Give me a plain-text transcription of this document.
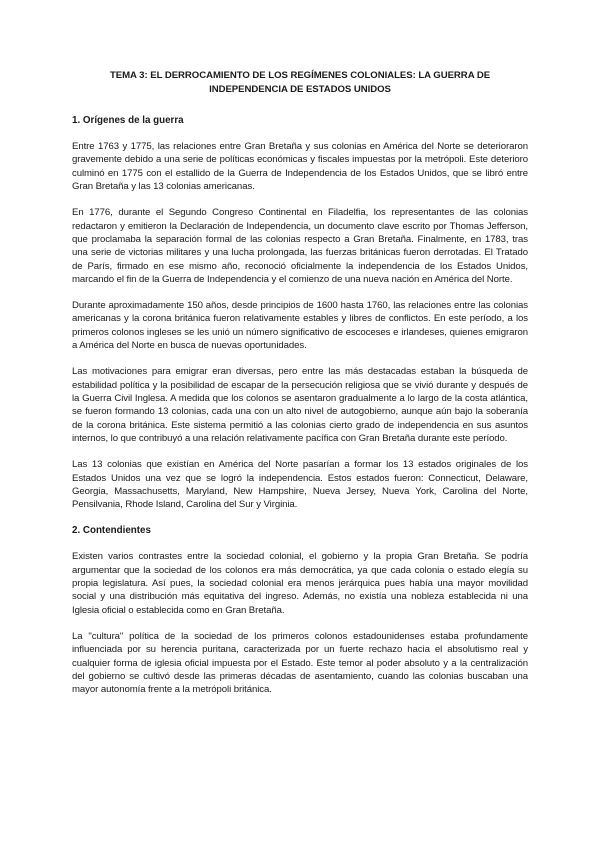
TEMA 3: EL DERROCAMIENTO DE LOS REGÍMENES COLONIALES: LA GUERRA DE INDEPENDENCIA DE ESTADOS UNIDOS
1. Orígenes de la guerra

Entre 1763 y 1775, las relaciones entre Gran Bretaña y sus colonias en América del Norte se deterioraron gravemente debido a una serie de políticas económicas y fiscales impuestas por la metrópoli. Este deterioro culminó en 1775 con el estallido de la Guerra de Independencia de los Estados Unidos, que se libró entre Gran Bretaña y las 13 colonias americanas.

En 1776, durante el Segundo Congreso Continental en Filadelfia, los representantes de las colonias redactaron y emitieron la Declaración de Independencia, un documento clave escrito por Thomas Jefferson, que proclamaba la separación formal de las colonias respecto a Gran Bretaña. Finalmente, en 1783, tras una serie de victorias militares y una lucha prolongada, las fuerzas británicas fueron derrotadas. El Tratado de París, firmado en ese mismo año, reconoció oficialmente la independencia de los Estados Unidos, marcando el fin de la Guerra de Independencia y el comienzo de una nueva nación en América del Norte.

Durante aproximadamente 150 años, desde principios de 1600 hasta 1760, las relaciones entre las colonias americanas y la corona británica fueron relativamente estables y libres de conflictos. En este período, a los primeros colonos ingleses se les unió un número significativo de escoceses e irlandeses, quienes emigraron a América del Norte en busca de nuevas oportunidades.

Las motivaciones para emigrar eran diversas, pero entre las más destacadas estaban la búsqueda de estabilidad política y la posibilidad de escapar de la persecución religiosa que se vivió durante y después de la Guerra Civil Inglesa. A medida que los colonos se asentaron gradualmente a lo largo de la costa atlántica, se fueron formando 13 colonias, cada una con un alto nivel de autogobierno, aunque aún bajo la soberanía de la corona británica. Este sistema permitió a las colonias cierto grado de independencia en sus asuntos internos, lo que contribuyó a una relación relativamente pacífica con Gran Bretaña durante este período.

Las 13 colonias que existían en América del Norte pasarían a formar los 13 estados originales de los Estados Unidos una vez que se logró la independencia. Estos estados fueron: Connecticut, Delaware, Georgia, Massachusetts, Maryland, New Hampshire, Nueva Jersey, Nueva York, Carolina del Norte, Pensilvania, Rhode Island, Carolina del Sur y Virginia.

2. Contendientes

Existen varios contrastes entre la sociedad colonial, el gobierno y la propia Gran Bretaña. Se podría argumentar que la sociedad de los colonos era más democrática, ya que cada colonia o estado elegía su propia legislatura. Así pues, la sociedad colonial era menos jerárquica pues había una mayor movilidad social y una distribución más equitativa del ingreso. Además, no existía una nobleza establecida ni una Iglesia oficial o establecida como en Gran Bretaña.

La "cultura" política de la sociedad de los primeros colonos estadounidenses estaba profundamente influenciada por su herencia puritana, caracterizada por un fuerte rechazo hacia el absolutismo real y cualquier forma de iglesia oficial impuesta por el Estado. Este temor al poder absoluto y a la centralización del gobierno se cultivó desde las primeras décadas de asentamiento, cuando las colonias buscaban una mayor autonomía frente a la metrópoli británica.
